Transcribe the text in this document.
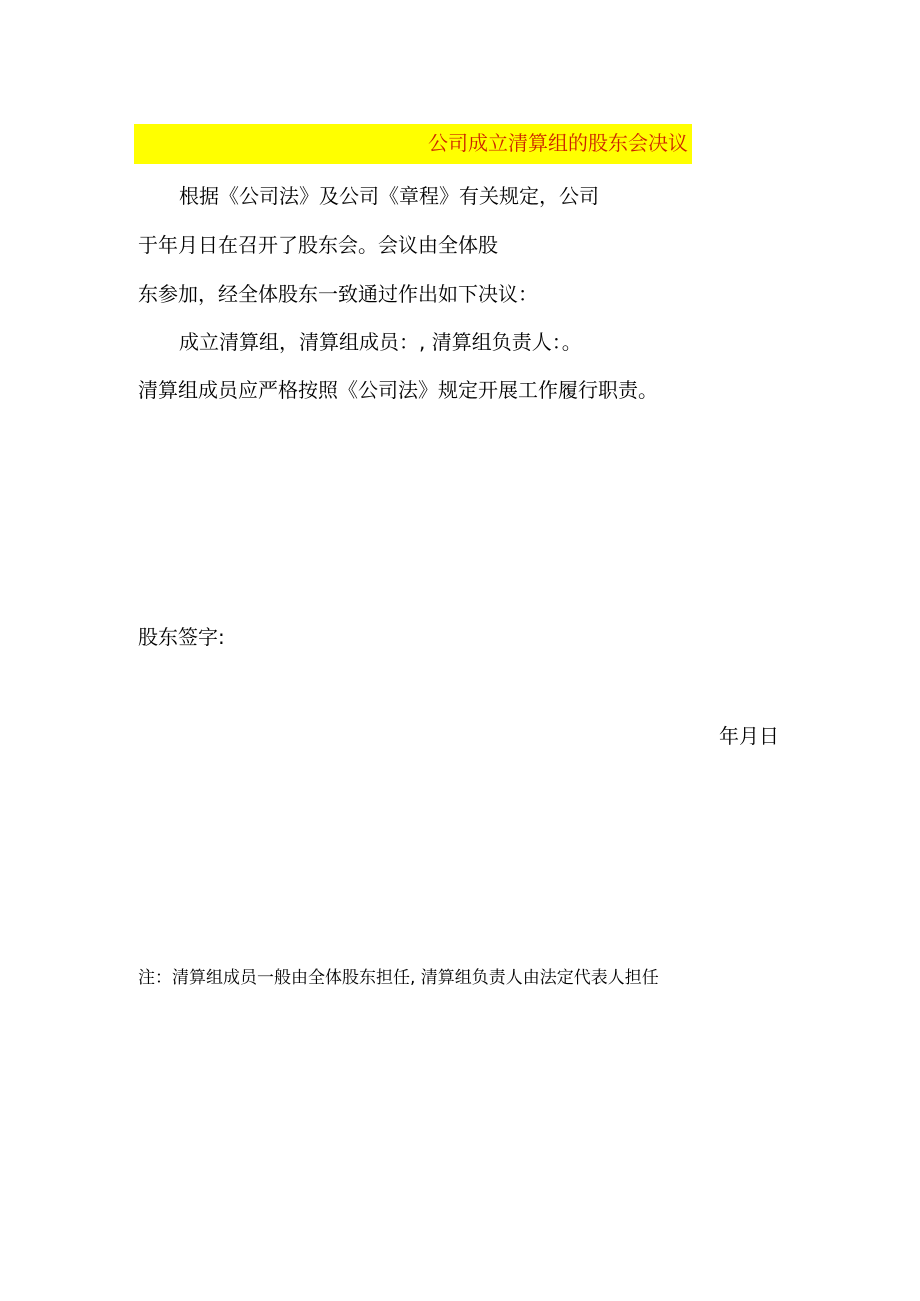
公司成立清算组的股东会决议
根据《公司法》及公司《章程》有关规定，公司
于年月日在召开了股东会。会议由全体股
东参加，经全体股东一致通过作出如下决议：
成立清算组，清算组成员：, 清算组负责人：。
清算组成员应严格按照《公司法》规定开展工作履行职责。
股东签字:
年月日
注：清算组成员一般由全体股东担任, 清算组负责人由法定代表人担任
